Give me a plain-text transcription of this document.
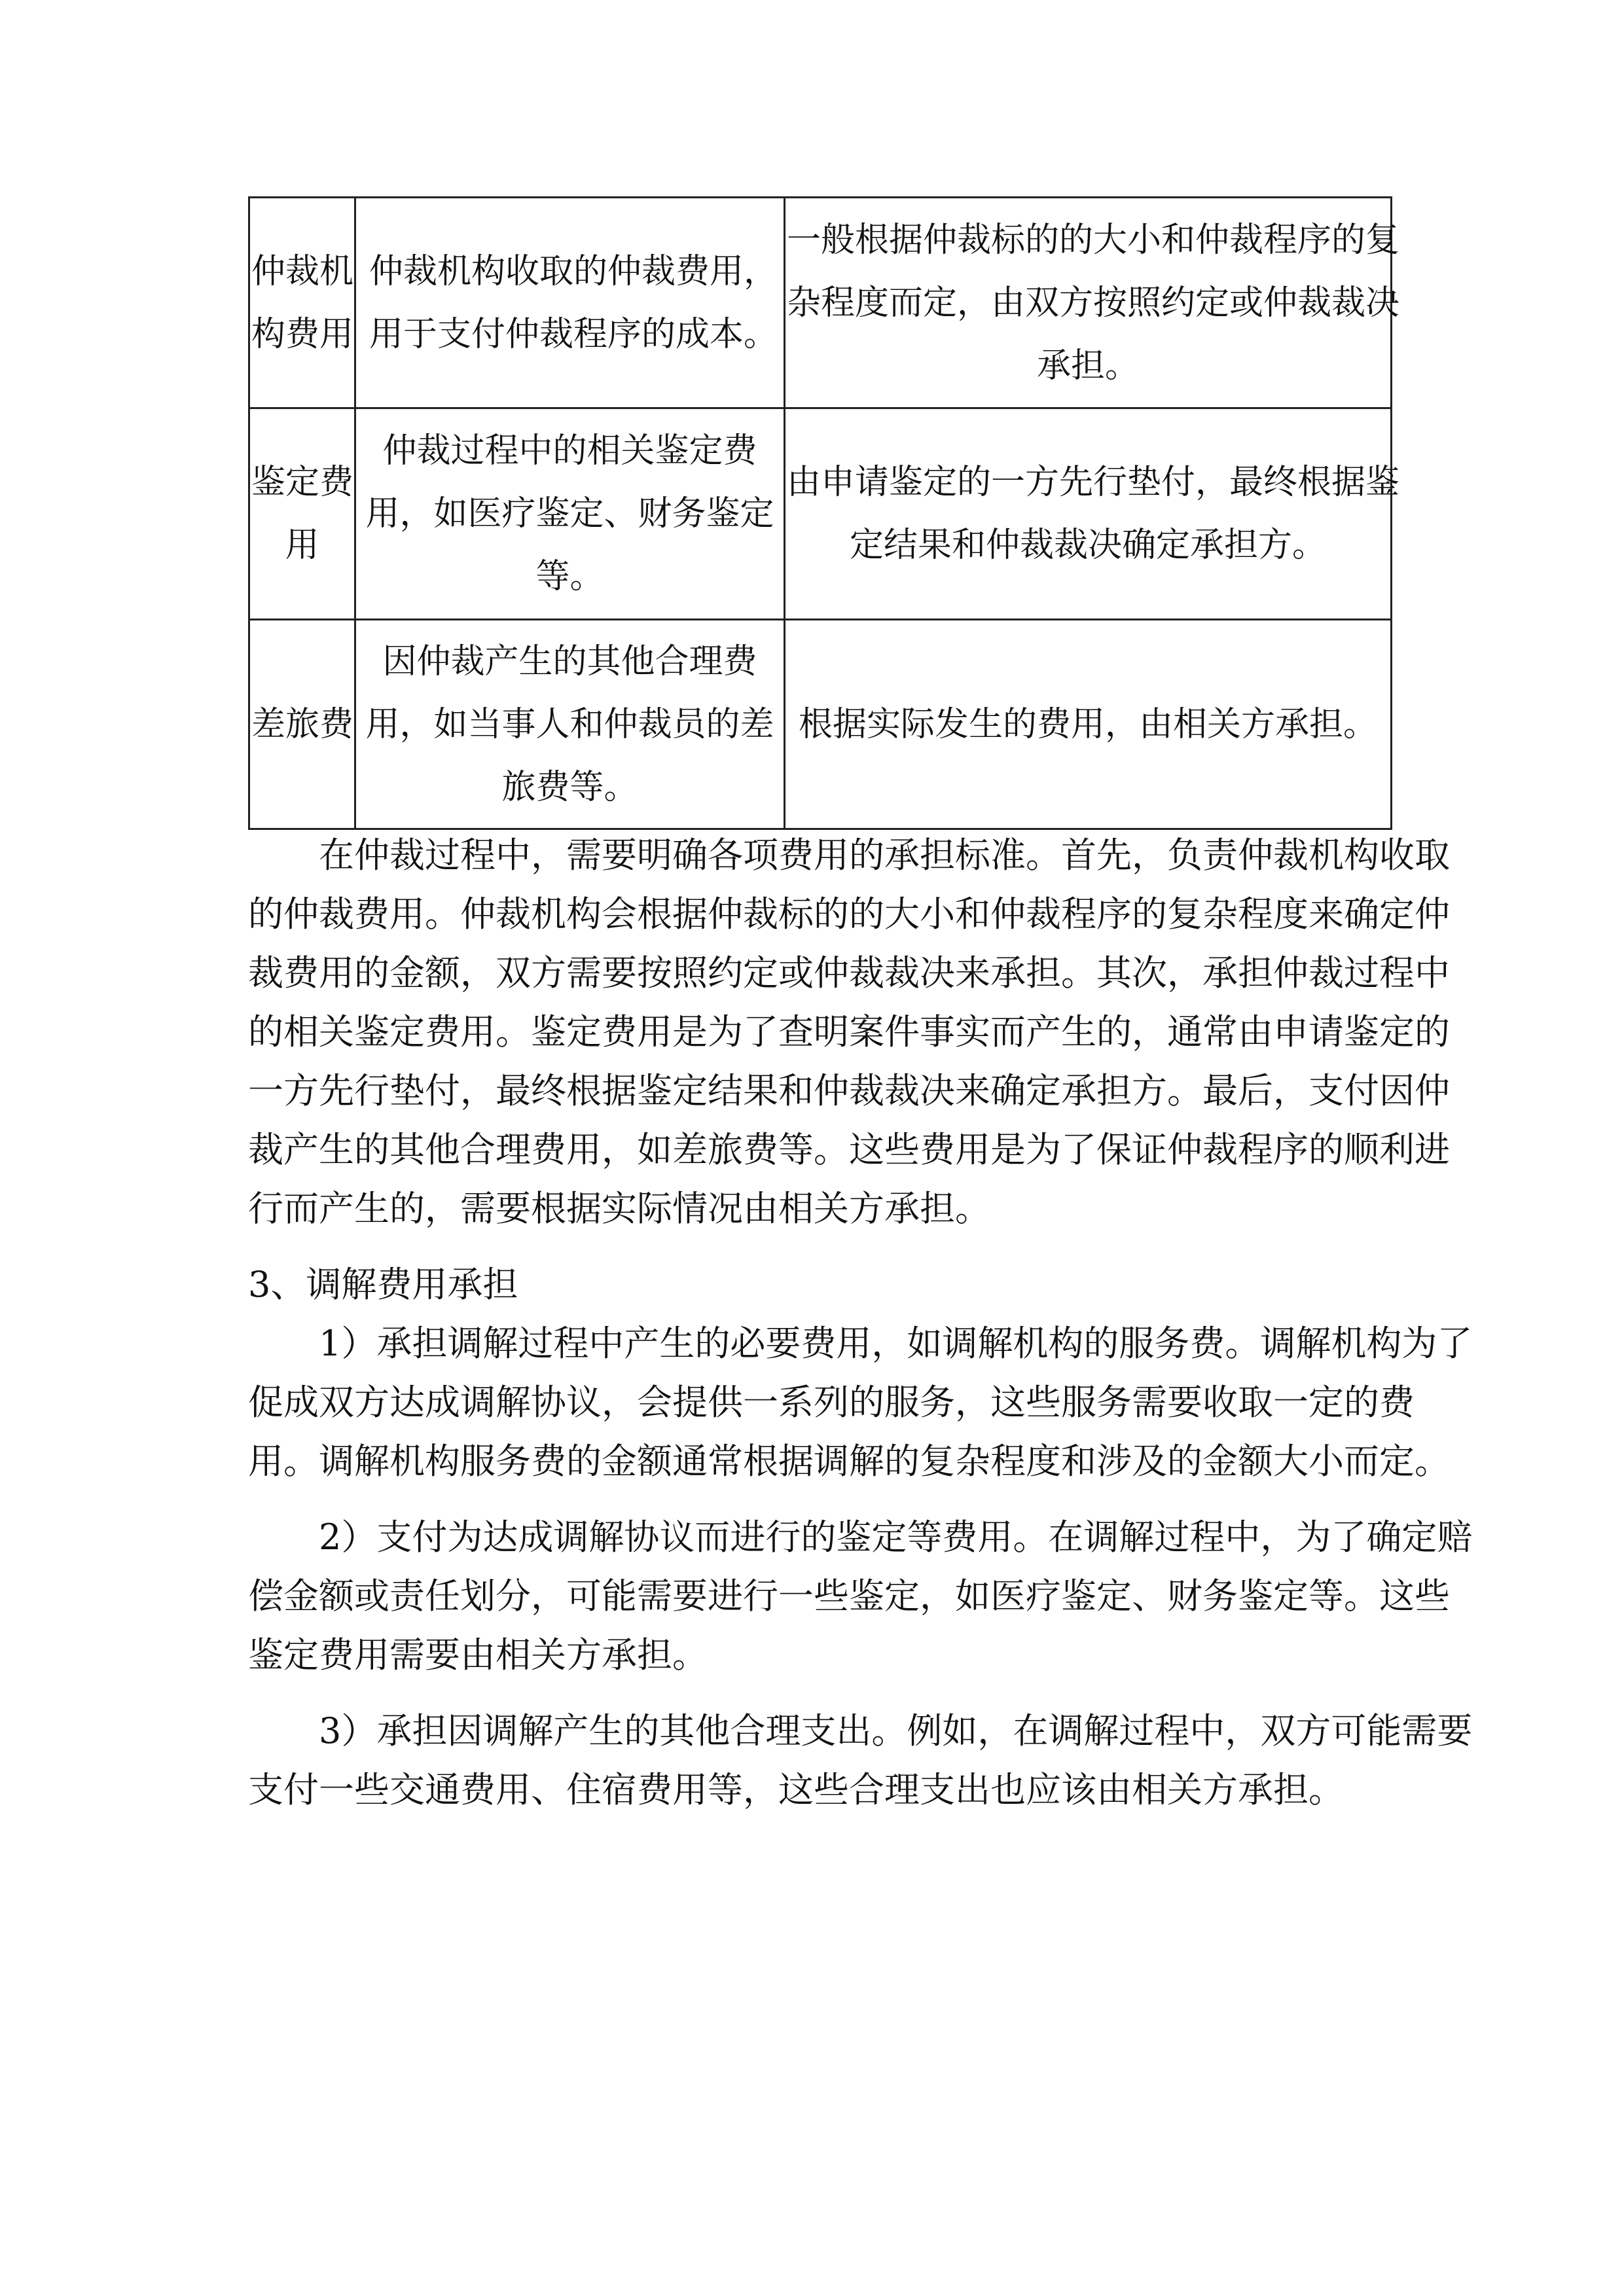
仲裁机
构费用	仲裁机构收取的仲裁费用，
用于支付仲裁程序的成本。	一般根据仲裁标的的大小和仲裁程序的复
杂程度而定，由双方按照约定或仲裁裁决
承担。

鉴定费
用	仲裁过程中的相关鉴定费
用，如医疗鉴定、财务鉴定
等。	由申请鉴定的一方先行垫付，最终根据鉴
定结果和仲裁裁决确定承担方。

差旅费	因仲裁产生的其他合理费
用，如当事人和仲裁员的差
旅费等。	根据实际发生的费用，由相关方承担。

在仲裁过程中，需要明确各项费用的承担标准。首先，负责仲裁机构收取

的仲裁费用。仲裁机构会根据仲裁标的的大小和仲裁程序的复杂程度来确定仲

裁费用的金额，双方需要按照约定或仲裁裁决来承担。其次，承担仲裁过程中

的相关鉴定费用。鉴定费用是为了查明案件事实而产生的，通常由申请鉴定的

一方先行垫付，最终根据鉴定结果和仲裁裁决来确定承担方。最后，支付因仲

裁产生的其他合理费用，如差旅费等。这些费用是为了保证仲裁程序的顺利进

行而产生的，需要根据实际情况由相关方承担。

3、调解费用承担

1）承担调解过程中产生的必要费用，如调解机构的服务费。调解机构为了

促成双方达成调解协议，会提供一系列的服务，这些服务需要收取一定的费

用。调解机构服务费的金额通常根据调解的复杂程度和涉及的金额大小而定。

2）支付为达成调解协议而进行的鉴定等费用。在调解过程中，为了确定赔

偿金额或责任划分，可能需要进行一些鉴定，如医疗鉴定、财务鉴定等。这些

鉴定费用需要由相关方承担。

3）承担因调解产生的其他合理支出。例如，在调解过程中，双方可能需要

支付一些交通费用、住宿费用等，这些合理支出也应该由相关方承担。
